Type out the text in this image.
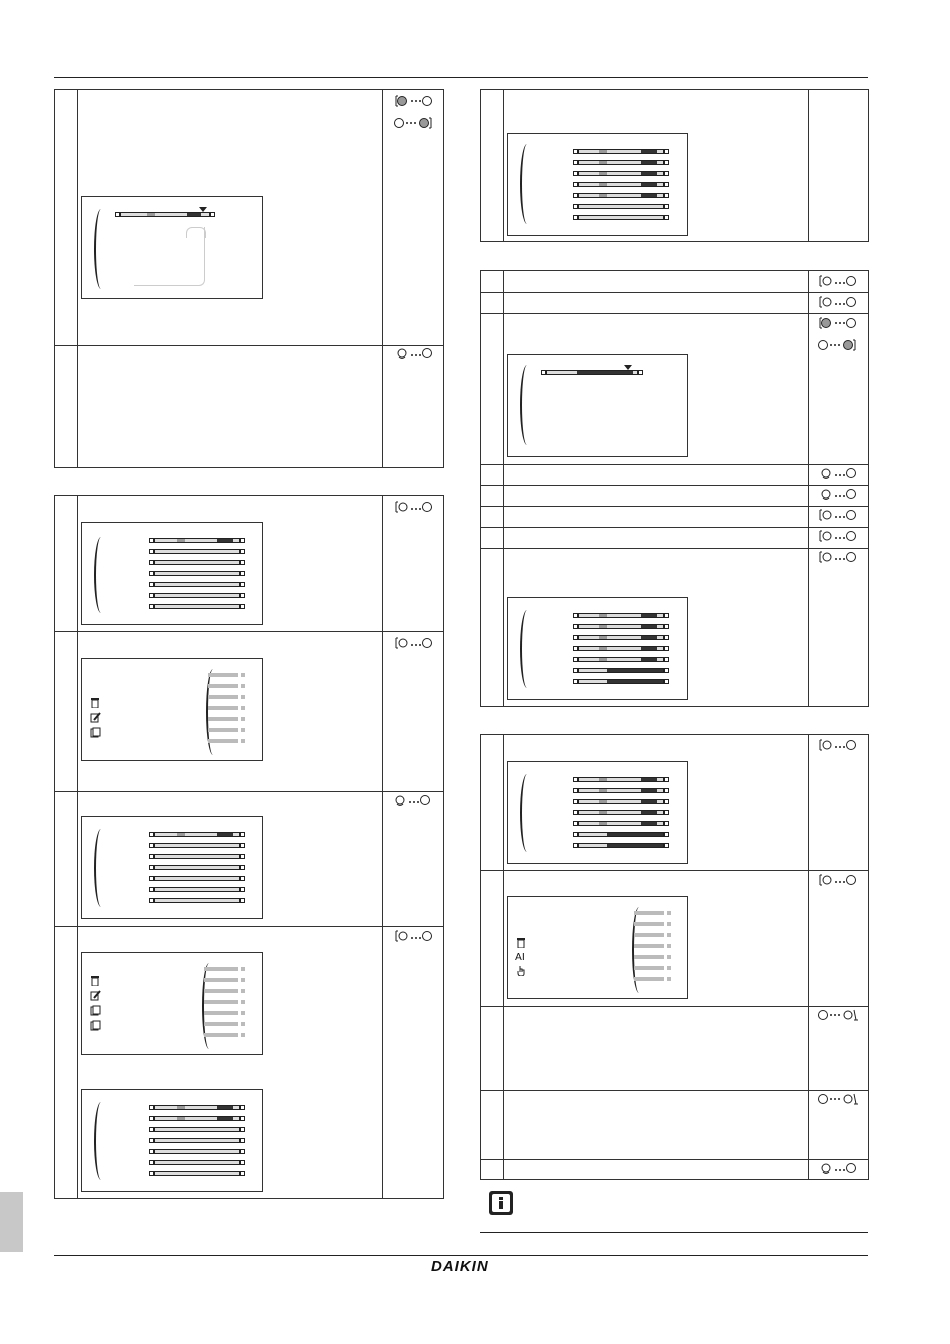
DAIKIN
AI
